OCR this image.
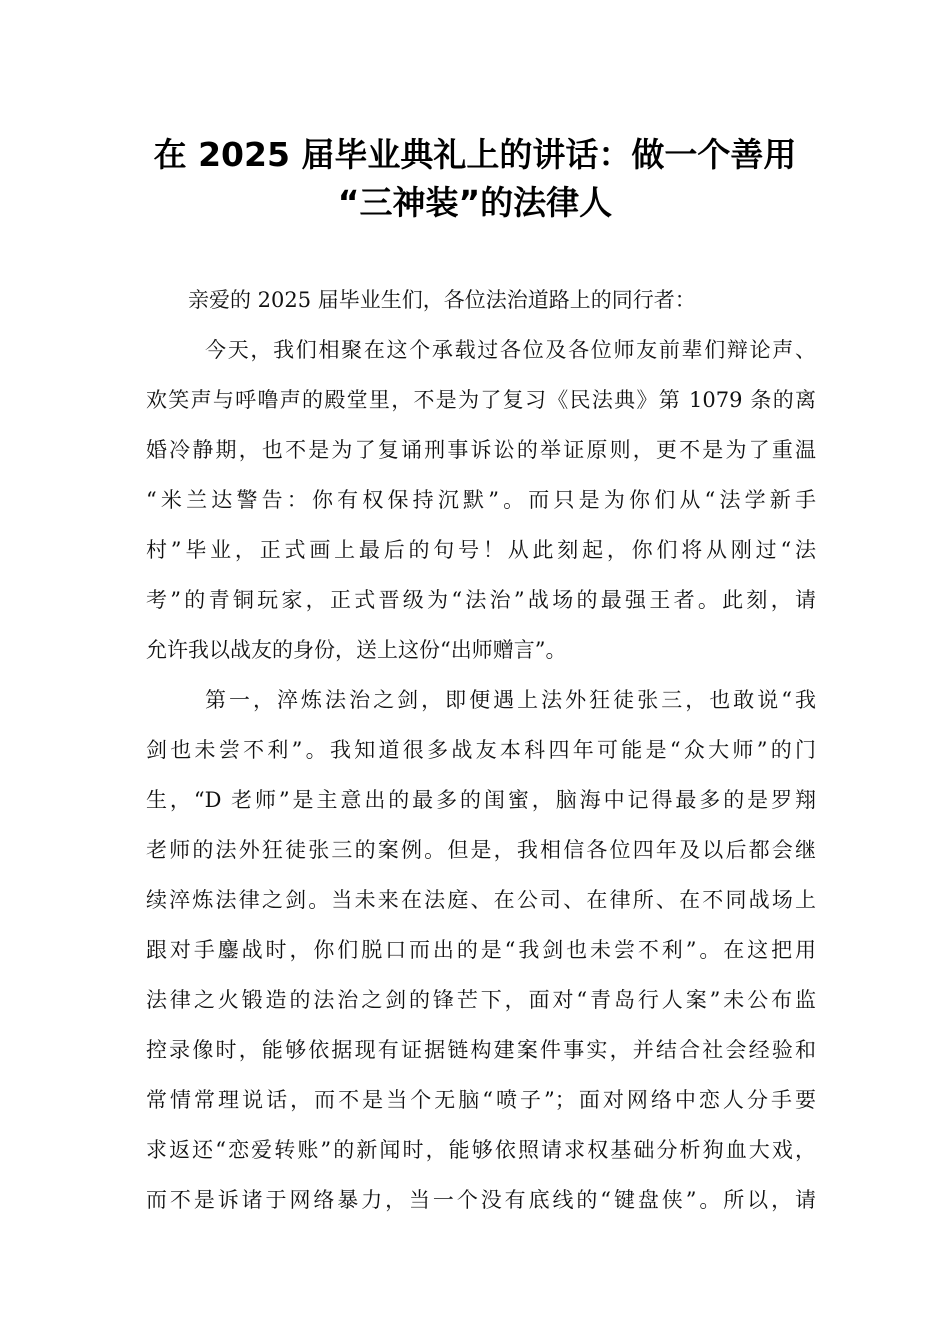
在 2025 届毕业典礼上的讲话：做一个善用
“三神装”的法律人
亲爱的 2025 届毕业生们，各位法治道路上的同行者：
今天，我们相聚在这个承载过各位及各位师友前辈们辩论声、
欢笑声与呼噜声的殿堂里，不是为了复习《民法典》第 1079 条的离
婚冷静期，也不是为了复诵刑事诉讼的举证原则，更不是为了重温
“米兰达警告：你有权保持沉默”。而只是为你们从“法学新手
村”毕业，正式画上最后的句号！从此刻起，你们将从刚过“法
考”的青铜玩家，正式晋级为“法治”战场的最强王者。此刻，请
允许我以战友的身份，送上这份“出师赠言”。
第一，淬炼法治之剑，即便遇上法外狂徒张三，也敢说“我
剑也未尝不利”。我知道很多战友本科四年可能是“众大师”的门
生，“D 老师”是主意出的最多的闺蜜，脑海中记得最多的是罗翔
老师的法外狂徒张三的案例。但是，我相信各位四年及以后都会继
续淬炼法律之剑。当未来在法庭、在公司、在律所、在不同战场上
跟对手鏖战时，你们脱口而出的是“我剑也未尝不利”。在这把用
法律之火锻造的法治之剑的锋芒下，面对“青岛行人案”未公布监
控录像时，能够依据现有证据链构建案件事实，并结合社会经验和
常情常理说话，而不是当个无脑“喷子”；面对网络中恋人分手要
求返还“恋爱转账”的新闻时，能够依照请求权基础分析狗血大戏，
而不是诉诸于网络暴力，当一个没有底线的“键盘侠”。所以，请
